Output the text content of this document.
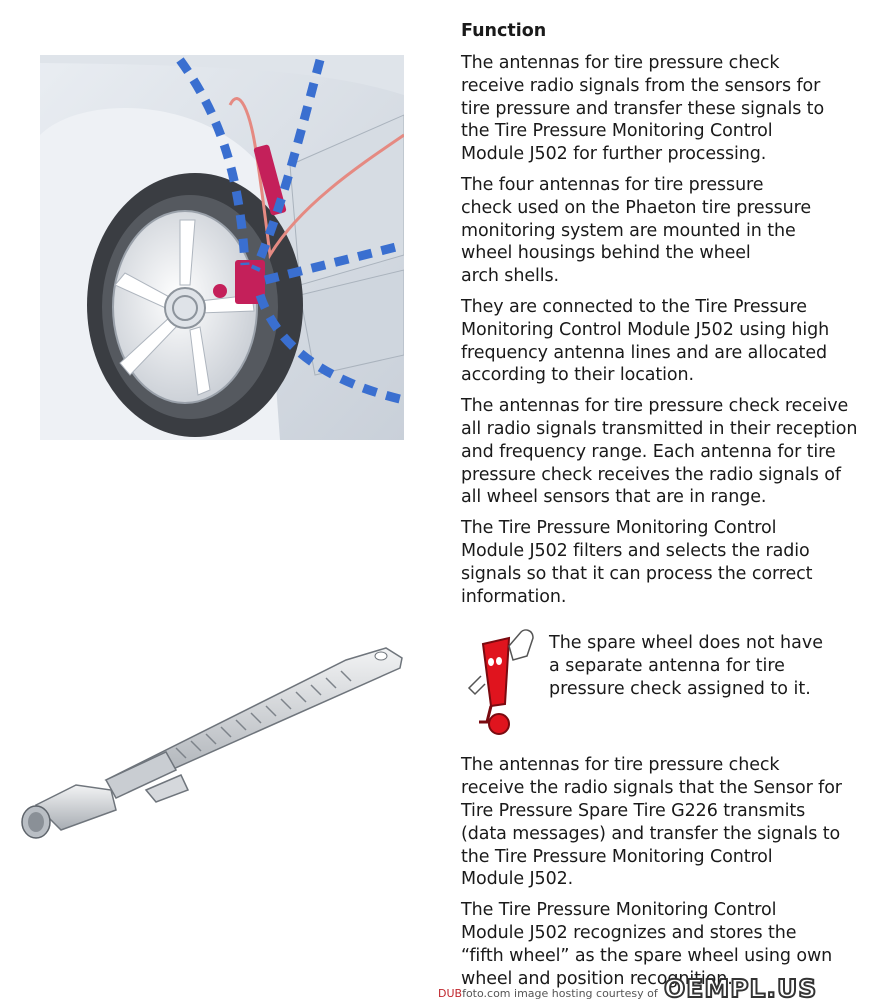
Function

The antennas for tire pressure check
receive radio signals from the sensors for
tire pressure and transfer these signals to
the Tire Pressure Monitoring Control
Module J502 for further processing.

The four antennas for tire pressure
check used on the Phaeton tire pressure
monitoring system are mounted in the
wheel housings behind the wheel
arch shells.

They are connected to the Tire Pressure
Monitoring Control Module J502 using high
frequency antenna lines and are allocated
according to their location.

The antennas for tire pressure check receive
all radio signals transmitted in their reception
and frequency range. Each antenna for tire
pressure check receives the radio signals of
all wheel sensors that are in range.

The Tire Pressure Monitoring Control
Module J502 filters and selects the radio
signals so that it can process the correct
information.

The spare wheel does not have
a separate antenna for tire
pressure check assigned to it.

The antennas for tire pressure check
receive the radio signals that the Sensor for
Tire Pressure Spare Tire G226 transmits
(data messages) and transfer the signals to
the Tire Pressure Monitoring Control
Module J502.

The Tire Pressure Monitoring Control
Module J502 recognizes and stores the
“fifth wheel” as the spare wheel using own
wheel and position recognition.

DUBfoto.com image hosting courtesy of OEMPL.US
